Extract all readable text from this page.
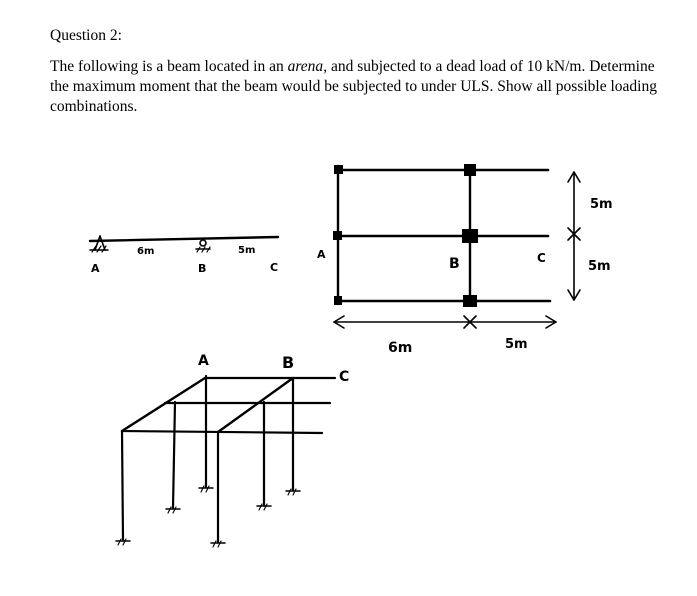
Question 2:

The following is a beam located in an arena, and subjected to a dead load of 10 kN/m. Determine the maximum moment that the beam would be subjected to under ULS. Show all possible loading combinations.

A	B	C
6m	5m	A
B	C
6m	5m
5m
5m
A	B
C
